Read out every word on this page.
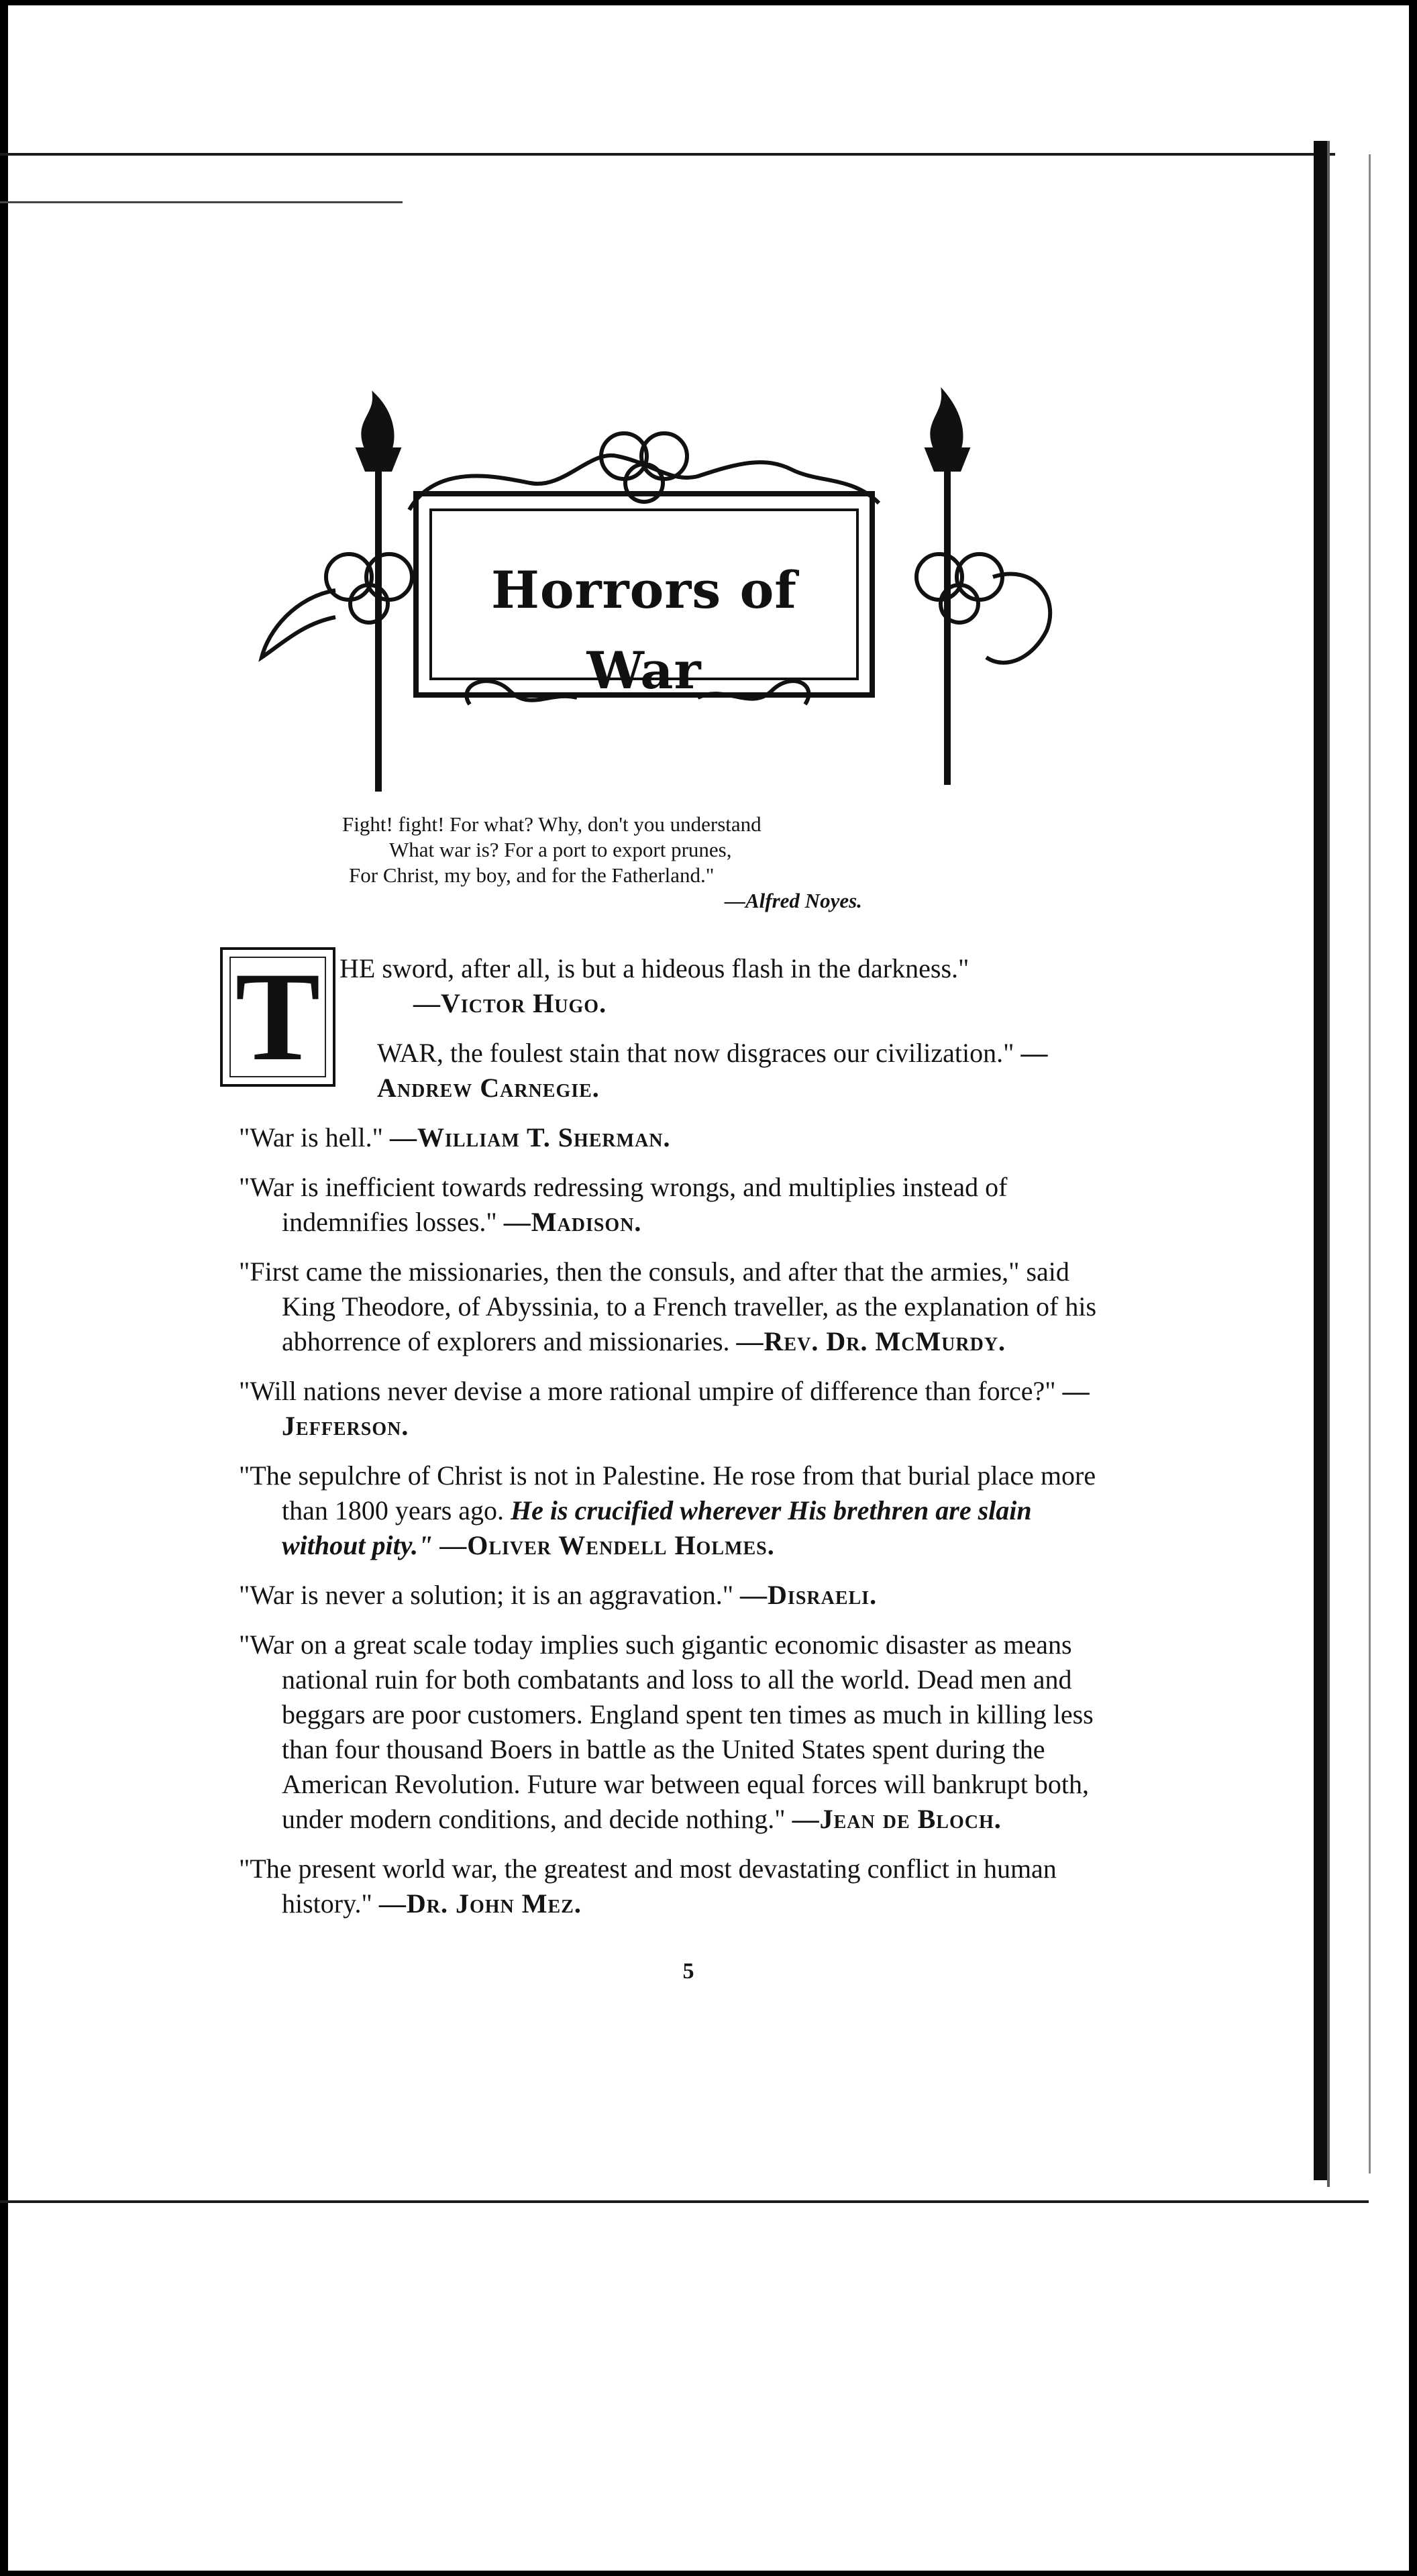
Horrors of War
Fight! fight! For what? Why, don't you understand
What war is? For a port to export prunes,
For Christ, my boy, and for the Fatherland."
—Alfred Noyes.
T HE sword, after all, is but a hideous flash in the darkness."

—Victor Hugo.

WAR, the foulest stain that now disgraces our civilization." —Andrew Carnegie.

"War is hell." —William T. Sherman.

"War is inefficient towards redressing wrongs, and multiplies instead of indemnifies losses." —Madison.

"First came the missionaries, then the consuls, and after that the armies," said King Theodore, of Abyssinia, to a French traveller, as the explanation of his abhorrence of explorers and missionaries. —Rev. Dr. McMurdy.

"Will nations never devise a more rational umpire of difference than force?" —Jefferson.

"The sepulchre of Christ is not in Palestine. He rose from that burial place more than 1800 years ago. He is crucified wherever His brethren are slain without pity." —Oliver Wendell Holmes.

"War is never a solution; it is an aggravation." —Disraeli.

"War on a great scale today implies such gigantic economic disaster as means national ruin for both combatants and loss to all the world. Dead men and beggars are poor customers. England spent ten times as much in killing less than four thousand Boers in battle as the United States spent during the American Revolution. Future war between equal forces will bankrupt both, under modern conditions, and decide nothing." —Jean de Bloch.

"The present world war, the greatest and most devastating conflict in human history." —Dr. John Mez.

5
